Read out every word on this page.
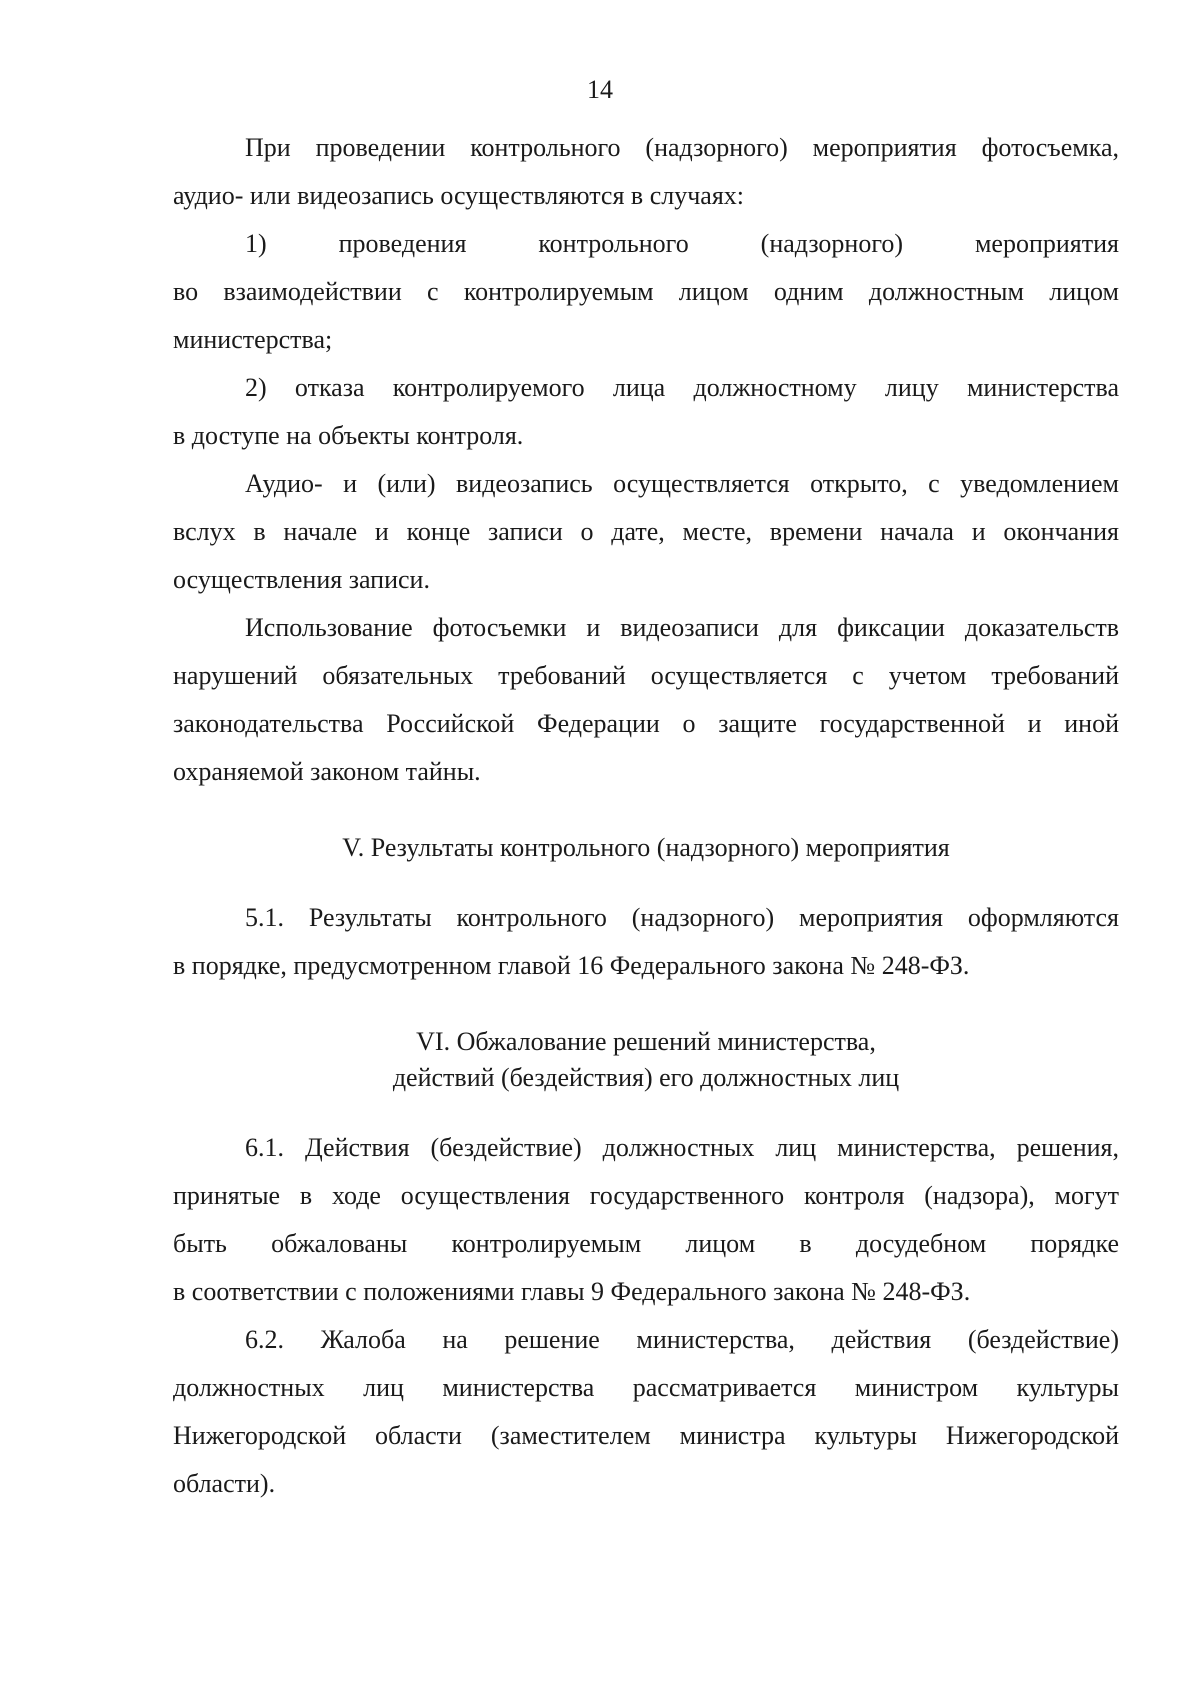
14
При проведении контрольного (надзорного) мероприятия фотосъемка,
аудио- или видеозапись осуществляются в случаях:
1) проведения контрольного (надзорного) мероприятия
во взаимодействии с контролируемым лицом одним должностным лицом
министерства;
2) отказа контролируемого лица должностному лицу министерства
в доступе на объекты контроля.
Аудио- и (или) видеозапись осуществляется открыто, с уведомлением
вслух в начале и конце записи о дате, месте, времени начала и окончания
осуществления записи.
Использование фотосъемки и видеозаписи для фиксации доказательств
нарушений обязательных требований осуществляется с учетом требований
законодательства Российской Федерации о защите государственной и иной
охраняемой законом тайны.
V. Результаты контрольного (надзорного) мероприятия
5.1. Результаты контрольного (надзорного) мероприятия оформляются
в порядке, предусмотренном главой 16 Федерального закона № 248-ФЗ.
VI. Обжалование решений министерства,
действий (бездействия) его должностных лиц
6.1. Действия (бездействие) должностных лиц министерства, решения,
принятые в ходе осуществления государственного контроля (надзора), могут
быть обжалованы контролируемым лицом в досудебном порядке
в соответствии с положениями главы 9 Федерального закона № 248-ФЗ.
6.2. Жалоба на решение министерства, действия (бездействие)
должностных лиц министерства рассматривается министром культуры
Нижегородской области (заместителем министра культуры Нижегородской
области).
